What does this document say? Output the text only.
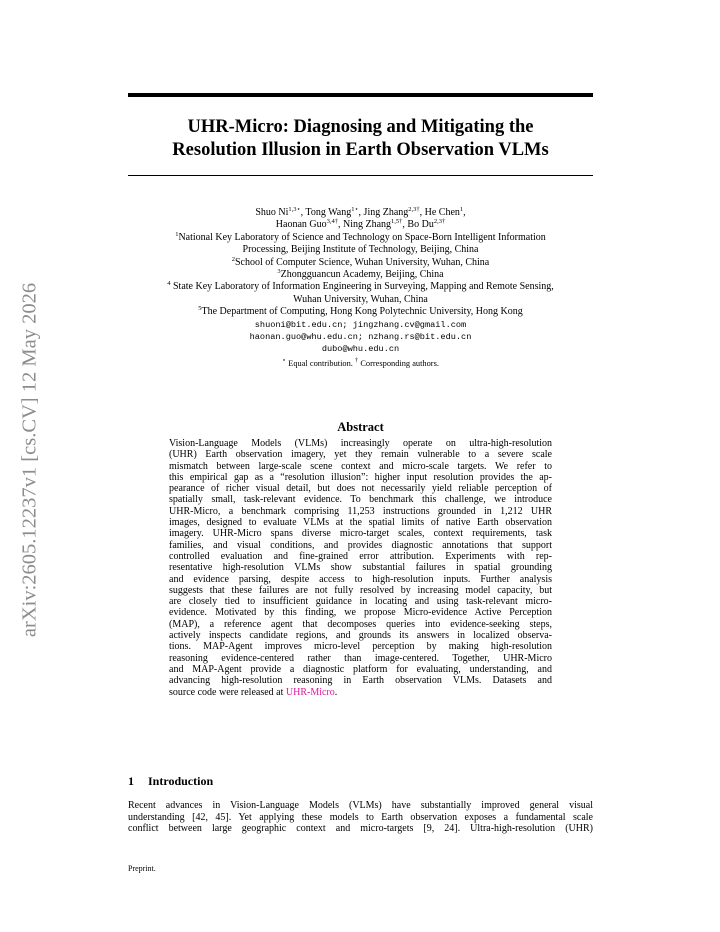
arXiv:2605.12237v1 [cs.CV] 12 May 2026
UHR-Micro: Diagnosing and Mitigating the
Resolution Illusion in Earth Observation VLMs
Shuo $Ni^{1,3⋆}$, Tong Wang$^{1⋆}$, Jing Zhang$^{2,3\dagger}$, He Chen$^1$,
Haonan Guo$^{3,4\dagger}$, Ning Zhang$^{1,5\dagger}$, Bo $Du^{2,3\dagger}$
$^1$National Key Laboratory of Science and Technology on Space-Born Intelligent Information
Processing, Beijing Institute of Technology, Beijing, China
$^2$School of Computer Science, Wuhan University, Wuhan, China
$^3$Zhongguancun Academy, Beijing, China
$^4$ State Key Laboratory of Information Engineering in Surveying, Mapping and Remote Sensing,
Wuhan University, Wuhan, China
$^5$The Department of Computing, Hong Kong Polytechnic University, Hong Kong
shuoni@bit.edu.cn; jingzhang.cv@gmail.com
haonan.guo@whu.edu.cn; nzhang.rs@bit.edu.cn
dubo@whu.edu.cn
⋆ Equal contribution. † Corresponding authors.
Abstract
Vision-Language Models (VLMs) increasingly operate on ultra-high-resolution
(UHR) Earth observation imagery, yet they remain vulnerable to a severe scale
mismatch between large-scale scene context and micro-scale targets. We refer to
this empirical gap as a “resolution illusion”: higher input resolution provides the ap-
pearance of richer visual detail, but does not necessarily yield reliable perception of
spatially small, task-relevant evidence. To benchmark this challenge, we introduce
UHR-Micro, a benchmark comprising 11,253 instructions grounded in 1,212 UHR
images, designed to evaluate VLMs at the spatial limits of native Earth observation
imagery. UHR-Micro spans diverse micro-target scales, context requirements, task
families, and visual conditions, and provides diagnostic annotations that support
controlled evaluation and fine-grained error attribution. Experiments with rep-
resentative high-resolution VLMs show substantial failures in spatial grounding
and evidence parsing, despite access to high-resolution inputs. Further analysis
suggests that these failures are not fully resolved by increasing model capacity, but
are closely tied to insufficient guidance in locating and using task-relevant micro-
evidence. Motivated by this finding, we propose Micro-evidence Active Perception
(MAP), a reference agent that decomposes queries into evidence-seeking steps,
actively inspects candidate regions, and grounds its answers in localized observa-
tions. MAP-Agent improves micro-level perception by making high-resolution
reasoning evidence-centered rather than image-centered. Together, UHR-Micro
and MAP-Agent provide a diagnostic platform for evaluating, understanding, and
advancing high-resolution reasoning in Earth observation VLMs. Datasets and
source code were released at UHR-Micro.
1 Introduction
Recent advances in Vision-Language Models (VLMs) have substantially improved general visual
understanding [42, 45]. Yet applying these models to Earth observation exposes a fundamental scale
conflict between large geographic context and micro-targets [9, 24]. Ultra-high-resolution (UHR)
Preprint.
